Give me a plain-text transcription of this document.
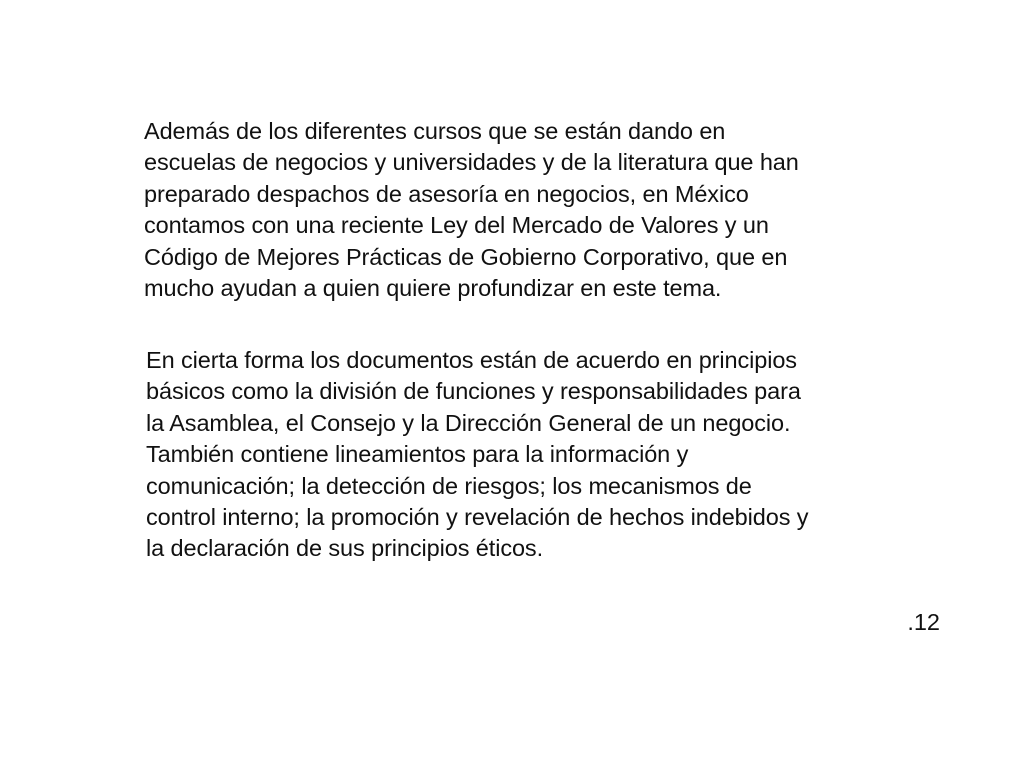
Además de los diferentes cursos que se están dando en
escuelas de negocios y universidades y de la literatura que han
preparado despachos de asesoría en negocios, en México
contamos con una reciente Ley del Mercado de Valores y un
Código de Mejores Prácticas de Gobierno Corporativo, que en
mucho ayudan a quien quiere profundizar en este tema.

En cierta forma los documentos están de acuerdo en principios
básicos como la división de funciones y responsabilidades para
la Asamblea, el Consejo y la Dirección General de un negocio.
También contiene lineamientos para la información y
comunicación; la detección de riesgos; los mecanismos de
control interno; la promoción y revelación de hechos indebidos y
la declaración de sus principios éticos.

.12
